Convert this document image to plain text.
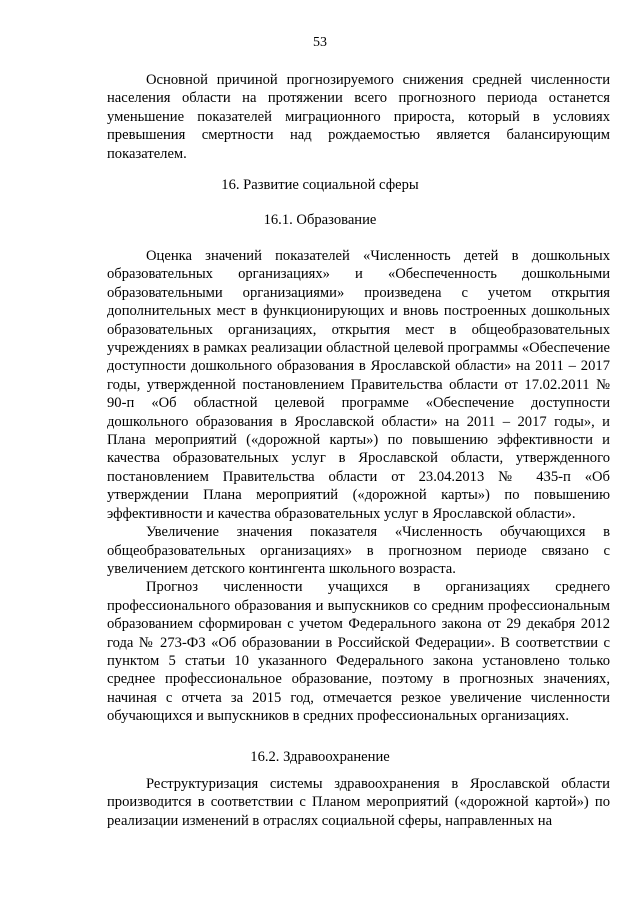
53

Основной причиной прогнозируемого снижения средней численности населения области на протяжении всего прогнозного периода останется уменьшение показателей миграционного прироста, который в условиях превышения смертности над рождаемостью является балансирующим показателем.

16. Развитие социальной сферы
16.1. Образование

Оценка значений показателей «Численность детей в дошкольных образовательных организациях» и «Обеспеченность дошкольными образовательными организациями» произведена с учетом открытия дополнительных мест в функционирующих и вновь построенных дошкольных образовательных организациях, открытия мест в общеобразовательных учреждениях в рамках реализации областной целевой программы «Обеспечение доступности дошкольного образования в Ярославской области» на 2011 – 2017 годы, утвержденной постановлением Правительства области от 17.02.2011 № 90-п «Об областной целевой программе «Обеспечение доступности дошкольного образования в Ярославской области» на 2011 – 2017 годы», и Плана мероприятий («дорожной карты») по повышению эффективности и качества образовательных услуг в Ярославской области, утвержденного постановлением Правительства области от 23.04.2013 № 435-п «Об утверждении Плана мероприятий («дорожной карты») по повышению эффективности и качества образовательных услуг в Ярославской области».

Увеличение значения показателя «Численность обучающихся в общеобразовательных организациях» в прогнозном периоде связано с увеличением детского контингента школьного возраста.

Прогноз численности учащихся в организациях среднего профессионального образования и выпускников со средним профессиональным образованием сформирован с учетом Федерального закона от 29 декабря 2012 года № 273-ФЗ «Об образовании в Российской Федерации». В соответствии с пунктом 5 статьи 10 указанного Федерального закона установлено только среднее профессиональное образование, поэтому в прогнозных значениях, начиная с отчета за 2015 год, отмечается резкое увеличение численности обучающихся и выпускников в средних профессиональных организациях.

16.2. Здравоохранение

Реструктуризация системы здравоохранения в Ярославской области производится в соответствии с Планом мероприятий («дорожной картой») по реализации изменений в отраслях социальной сферы, направленных на
